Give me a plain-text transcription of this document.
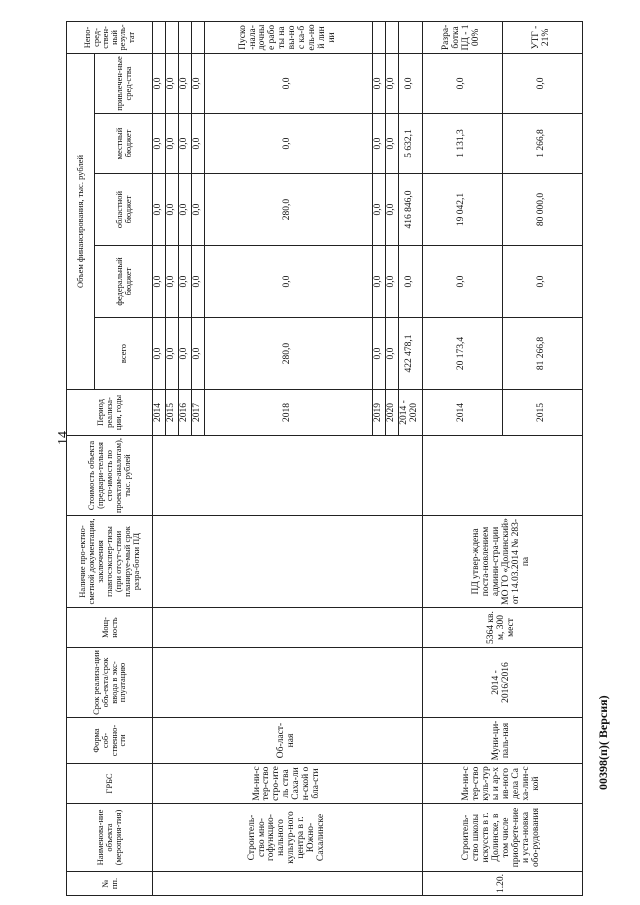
14
№ пп.	Наименова-ние объекта (мероприя-тия)	ГРБС	Форма соб-ственно-сти	Срок реализа-ции объ-екта/срок ввода в экс-плуатацию	Мощ-ность	Наличие про-ектно-сметной документации, заключения главгосэкспер-тизы (при отсут-ствии планируе-мый срок разра-ботки ПД	Стоимость объекта (предвари-тельная сто-имость по проектам-аналогам), тыс. рублей	Период реализа-ции, годы	Объем финансирования, тыс. рублей					Непо-сред-ствен-ный резуль-тат
									всего	федеральный бюджет	областной бюджет	местный бюджет	привлечен-ные сред-ства	
	Строитель-ство мно-гофункцио-нального культур-ного центра в г. Южно-Сахалинске	Ми-ни-стер-ство стро-итель ства Саха-лин-ской обла-сти	Об-ласт-ная					2014	0,0	0,0	0,0	0,0	0,0	
								2015	0,0	0,0	0,0	0,0	0,0	
								2016	0,0	0,0	0,0	0,0	0,0	
								2017	0,0	0,0	0,0	0,0	0,0	
								2018	280,0	0,0	280,0	0,0	0,0	Пуско-нала-дочные работы на вы-нос ка-бель-ной линии
								2019	0,0	0,0	0,0	0,0	0,0	
								2020	0,0	0,0	0,0	0,0	0,0	
								2014 - 2020	422 478,1	0,0	416 846,0	5 632,1	0,0	
1.20.	Строитель-ство школы искусств в г. Долинске, в том числе приобрете-ние и уста-новка обо-рудования	Ми-ни-стер-ство куль-туры и ар-хив-ного дела Саха-лин-ской	Муни-ци-паль-ная	2014 - 2016/2016	5364 кв. м, 300 мест	ПД утвер-ждена поста-новлением админи-стра-ции МО ГО «Долинский» от 14.03.2014 № 283-па		2014	20 173,4	0,0	19 042,1	1 131,3	0,0	Разра-ботка ПД - 100%
								2015	81 266,8	0,0	80 000,0	1 266,8	0,0	УТГ - 21%
00398(п)( Версия)
